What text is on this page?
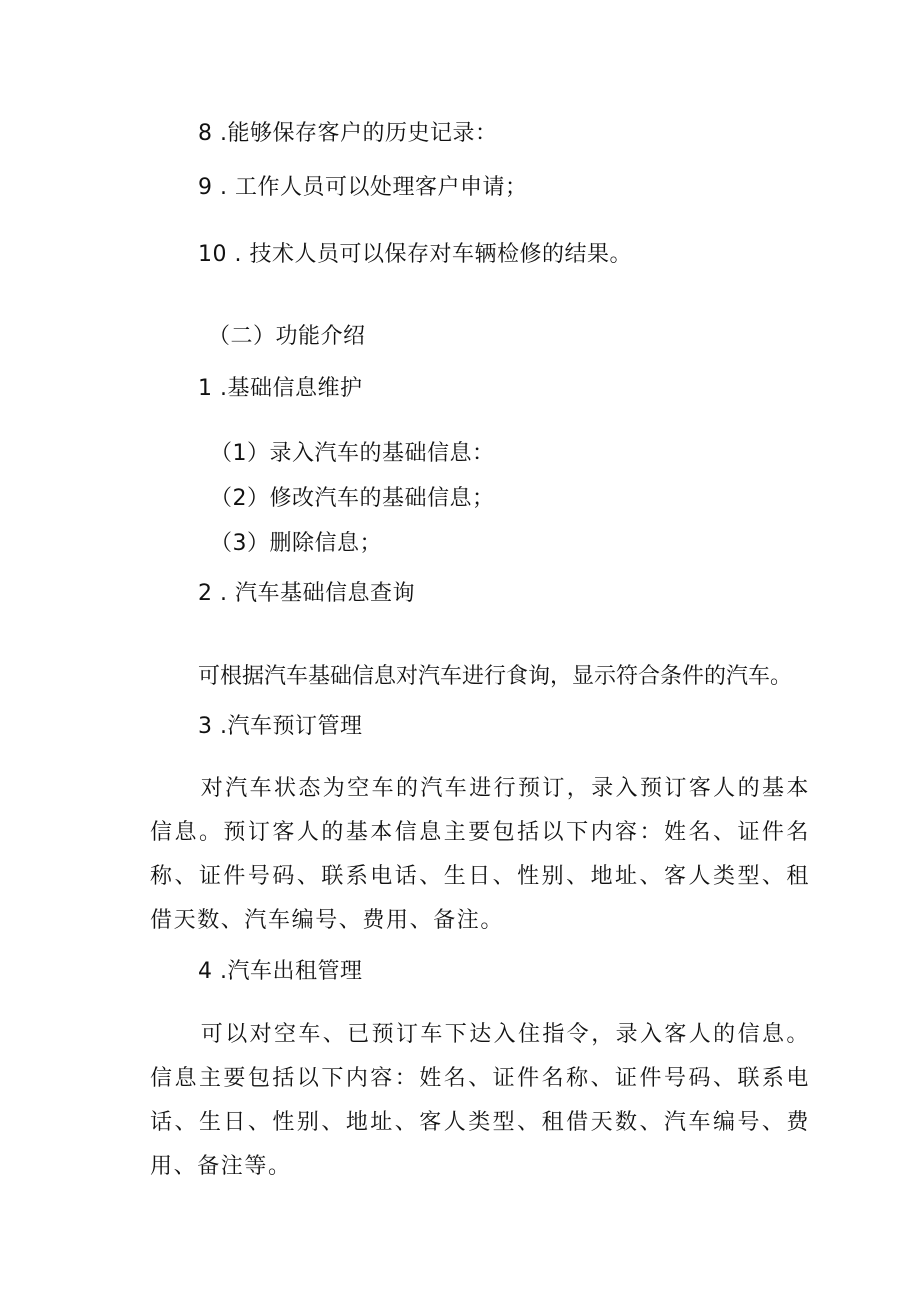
8 .能够保存客户的历史记录：
9 . 工作人员可以处理客户申请；
10 . 技术人员可以保存对车辆检修的结果。
（二）功能介绍
1 .基础信息维护
（1）录入汽车的基础信息：
（2）修改汽车的基础信息；
（3）删除信息；
2 . 汽车基础信息查询
可根据汽车基础信息对汽车进行食询，显示符合条件的汽车。
3 .汽车预订管理
对汽车状态为空车的汽车进行预订，录入预订客人的基本信息。预订客人的基本信息主要包括以下内容：姓名、证件名称、证件号码、联系电话、生日、性别、地址、客人类型、租借天数、汽车编号、费用、备注。
4 .汽车出租管理
可以对空车、已预订车下达入住指令，录入客人的信息。信息主要包括以下内容：姓名、证件名称、证件号码、联系电话、生日、性别、地址、客人类型、租借天数、汽车编号、费用、备注等。
